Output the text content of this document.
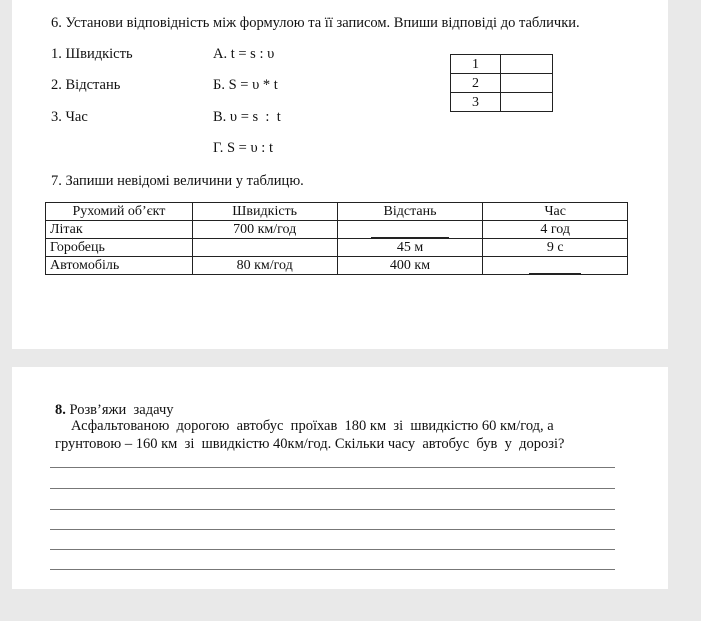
6. Установи відповідність між формулою та її записом. Впиши відповіді до таблички.
1. Швидкість
2. Відстань
3. Час
А. t = s : υ
Б. S = υ * t
В. υ = s  :  t
Г. S = υ : t
1	
2	
3	
7. Запиши невідомі величини у таблицю.
Рухомий об’єкт	Швидкість	Відстань	Час
Літак	700 км/год		4 год
Горобець		45 м	9 с
Автомобіль	80 км/год	400 км	
8. Розв’яжи  задачу
Асфальтованою  дорогою  автобус  проїхав  180 км  зі  швидкістю 60 км/год, а
грунтовою – 160 км  зі  швидкістю 40км/год. Скільки часу  автобус  був  у  дорозі?
